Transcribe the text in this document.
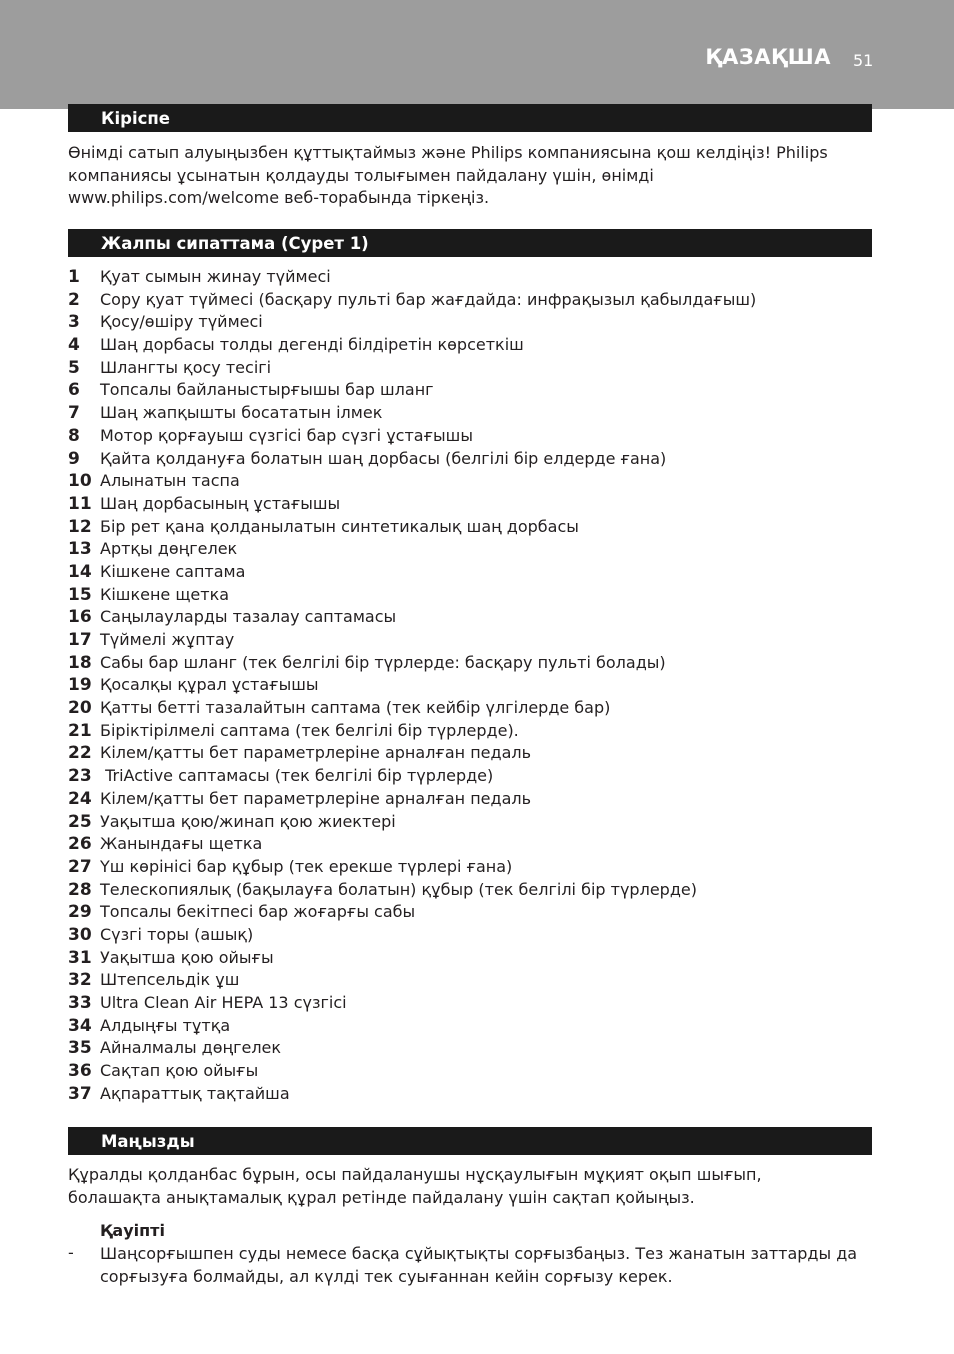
ҚАЗАҚША 51
Кіріспе

Өнімді сатып алуыңызбен құттықтаймыз және Philips компаниясына қош келдіңіз! Philips компаниясы ұсынатын қолдауды толығымен пайдалану үшін, өнімді www.philips.com/welcome веб-торабында тіркеңіз.

Жалпы сипаттама (Сурет 1)
1 Қуат сымын жинау түймесі
2 Сору қуат түймесі (басқару пульті бар жағдайда: инфрақызыл қабылдағыш)
3 Қосу/өшіру түймесі
4 Шаң дорбасы толды дегенді білдіретін көрсеткіш
5 Шлангты қосу тесігі
6 Топсалы байланыстырғышы бар шланг
7 Шаң жапқышты босататын ілмек
8 Мотор қорғауыш сүзгісі бар сүзгі ұстағышы
9 Қайта қолдануға болатын шаң дорбасы (белгілі бір елдерде ғана)
10 Алынатын таспа
11 Шаң дорбасының ұстағышы
12 Бір рет қана қолданылатын синтетикалық шаң дорбасы
13 Артқы дөңгелек
14 Кішкене саптама
15 Кішкене щетка
16 Саңылауларды тазалау саптамасы
17 Түймелі жұптау
18 Сабы бар шланг (тек белгілі бір түрлерде: басқару пульті болады)
19 Қосалқы құрал ұстағышы
20 Қатты бетті тазалайтын саптама (тек кейбір үлгілерде бар)
21 Біріктірілмелі саптама (тек белгілі бір түрлерде).
22 Кілем/қатты бет параметрлеріне арналған педаль
23 TriActive саптамасы (тек белгілі бір түрлерде)
24 Кілем/қатты бет параметрлеріне арналған педаль
25 Уақытша қою/жинап қою жиектері
26 Жанындағы щетка
27 Үш көрінісі бар құбыр (тек ерекше түрлері ғана)
28 Телескопиялық (бақылауға болатын) құбыр (тек белгілі бір түрлерде)
29 Топсалы бекітпесі бар жоғарғы сабы
30 Сүзгі торы (ашық)
31 Уақытша қою ойығы
32 Штепсельдік ұш
33 Ultra Clean Air HEPA 13 сүзгісі
34 Алдыңғы тұтқа
35 Айналмалы дөңгелек
36 Сақтап қою ойығы
37 Ақпараттық тақтайша
Маңызды

Құралды қолданбас бұрын, осы пайдаланушы нұсқаулығын мұқият оқып шығып, болашақта анықтамалық құрал ретінде пайдалану үшін сақтап қойыңыз.

Қауіпті
- Шаңсорғышпен суды немесе басқа сұйықтықты сорғызбаңыз. Тез жанатын заттарды да сорғызуға болмайды, ал күлді тек суығаннан кейін сорғызу керек.
